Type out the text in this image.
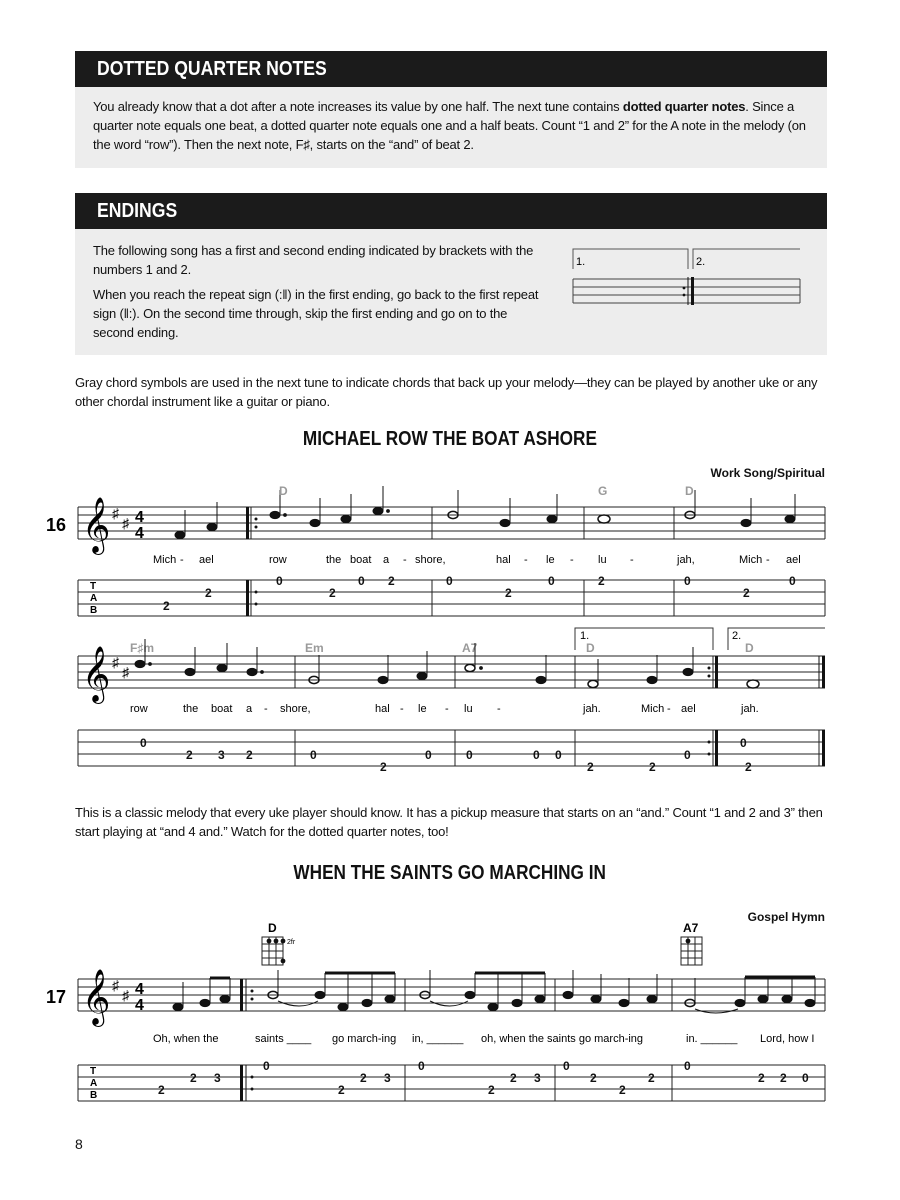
DOTTED QUARTER NOTES
You already know that a dot after a note increases its value by one half. The next tune contains dotted quarter notes. Since a quarter note equals one beat, a dotted quarter note equals one and a half beats. Count “1 and 2” for the A note in the melody (on the word “row”). Then the next note, F♯, starts on the “and” of beat 2.
ENDINGS

The following song has a first and second ending indicated by brackets with the numbers 1 and 2.

When you reach the repeat sign (:‖) in the first ending, go back to the first repeat sign (‖:). On the second time through, skip the first ending and go on to the second ending.

1.	2.
Gray chord symbols are used in the next tune to indicate chords that back up your melody—they can be played by another uke or any other chordal instrument like a guitar or piano.
MICHAEL ROW THE BOAT ASHORE
Work Song/Spiritual
16 𝄞 ♯
♯ 4
4
D	G	D
Mich - ael	row	the boat a - shore,	hal - le - lu -	jah,	Mich - ael
T
A
B	2
2
0
2
0 2	0
2
0	2	0
2
0
𝄞 ♯
♯
1.	2.
F♯m	Em	A7	D	D
row	the boat a - shore,	hal - le - lu -	jah.	Mich - ael	jah.
0
2 3 2	0
2
0	0	0 0
2	2
0
0
2
This is a classic melody that every uke player should know. It has a pickup measure that starts on an “and.” Count “1 and 2 and 3” then start playing at “and 4 and.” Watch for the dotted quarter notes, too!
WHEN THE SAINTS GO MARCHING IN
Gospel Hymn
17
D
2fr
A7
𝄞 ♯
♯ 4
4
Oh, when the	saints ____ go march-ing in, ______ oh, when the saints go march-ing	in. ______ Lord, how I
T
A
B	2
2 3
0
2
2 3
0
2
2 3
0
2
2
2
0
2 2 0
8
